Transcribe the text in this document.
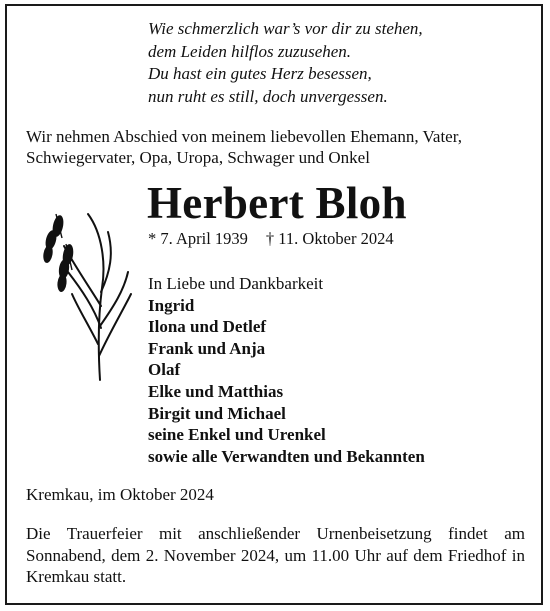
Wie schmerzlich war’s vor dir zu stehen,
dem Leiden hilflos zuzusehen.
Du hast ein gutes Herz besessen,
nun ruht es still, doch unvergessen.
Wir nehmen Abschied von meinem liebevollen Ehemann, Vater, Schwiegervater, Opa, Uropa, Schwager und Onkel
Herbert Bloh
* 7. April 1939 † 11. Oktober 2024
In Liebe und Dankbarkeit
Ingrid
Ilona und Detlef
Frank und Anja
Olaf
Elke und Matthias
Birgit und Michael
seine Enkel und Urenkel
sowie alle Verwandten und Bekannten
Kremkau, im Oktober 2024
Die Trauerfeier mit anschließender Urnenbeisetzung findet am Sonnabend, dem 2. November 2024, um 11.00 Uhr auf dem Friedhof in Kremkau statt.
